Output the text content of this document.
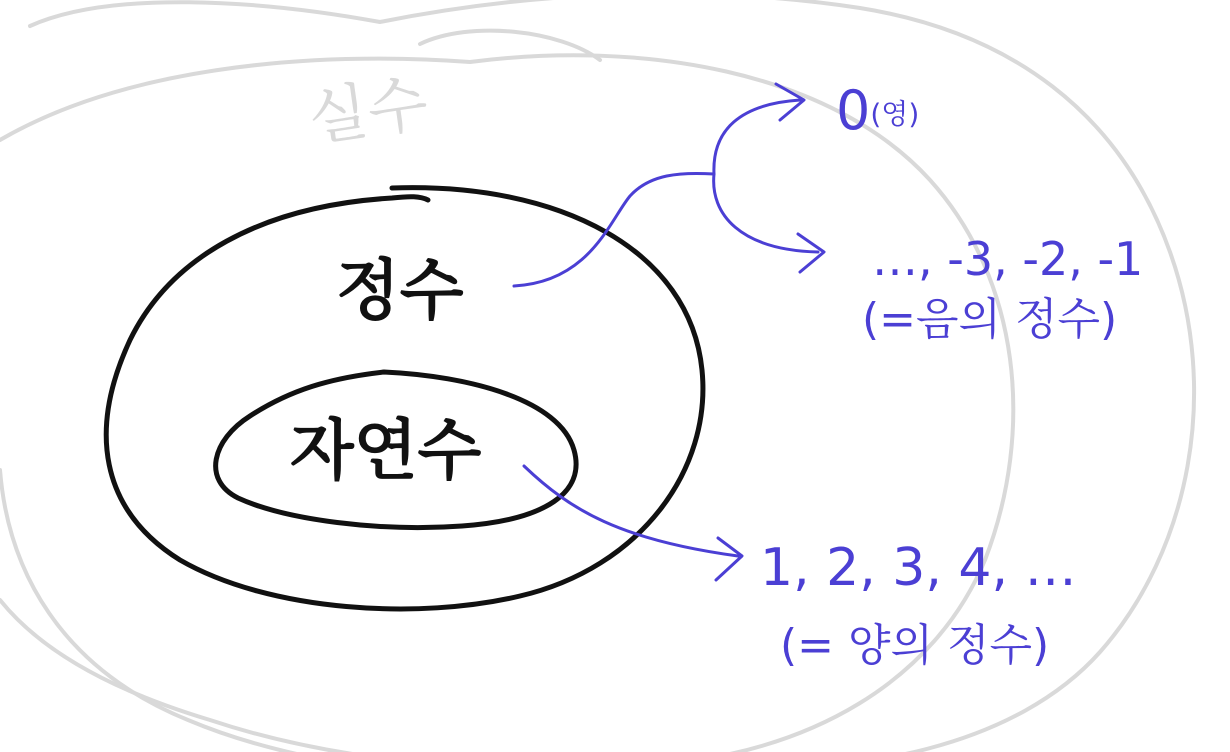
실수
정수
자연수
0(영)
…, -3, -2, -1
(=음의 정수)
1, 2, 3, 4, …
(= 양의 정수)
